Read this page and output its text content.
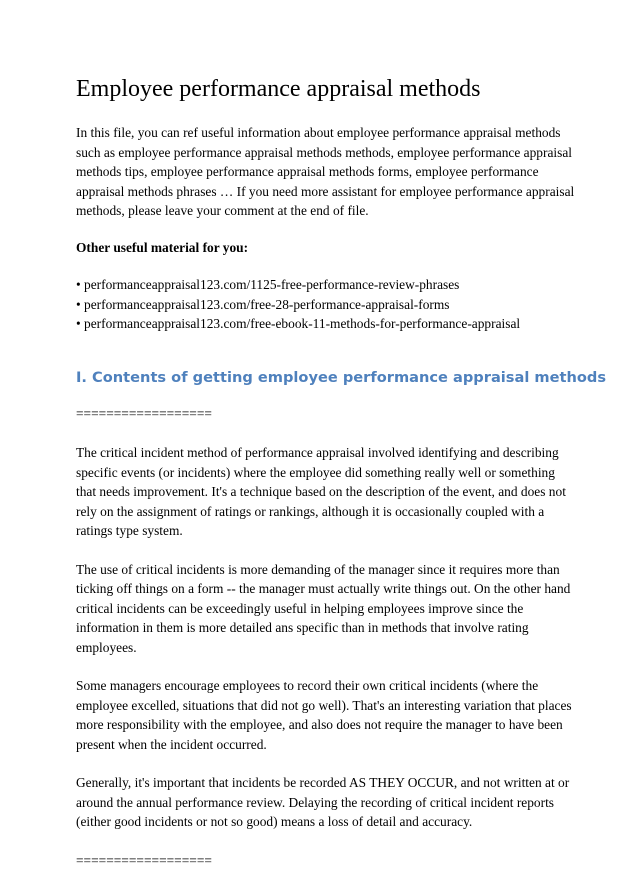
Employee performance appraisal methods

In this file, you can ref useful information about employee performance appraisal methods such as employee performance appraisal methods methods, employee performance appraisal methods tips, employee performance appraisal methods forms, employee performance appraisal methods phrases … If you need more assistant for employee performance appraisal methods, please leave your comment at the end of file.

Other useful material for you:

• performanceappraisal123.com/1125-free-performance-review-phrases
• performanceappraisal123.com/free-28-performance-appraisal-forms
• performanceappraisal123.com/free-ebook-11-methods-for-performance-appraisal
I. Contents of getting employee performance appraisal methods
==================

The critical incident method of performance appraisal involved identifying and describing specific events (or incidents) where the employee did something really well or something that needs improvement. It's a technique based on the description of the event, and does not rely on the assignment of ratings or rankings, although it is occasionally coupled with a ratings type system.

The use of critical incidents is more demanding of the manager since it requires more than ticking off things on a form -- the manager must actually write things out. On the other hand critical incidents can be exceedingly useful in helping employees improve since the information in them is more detailed ans specific than in methods that involve rating employees.

Some managers encourage employees to record their own critical incidents (where the employee excelled, situations that did not go well). That's an interesting variation that places more responsibility with the employee, and also does not require the manager to have been present when the incident occurred.

Generally, it's important that incidents be recorded AS THEY OCCUR, and not written at or around the annual performance review. Delaying the recording of critical incident reports (either good incidents or not so good) means a loss of detail and accuracy.

==================
